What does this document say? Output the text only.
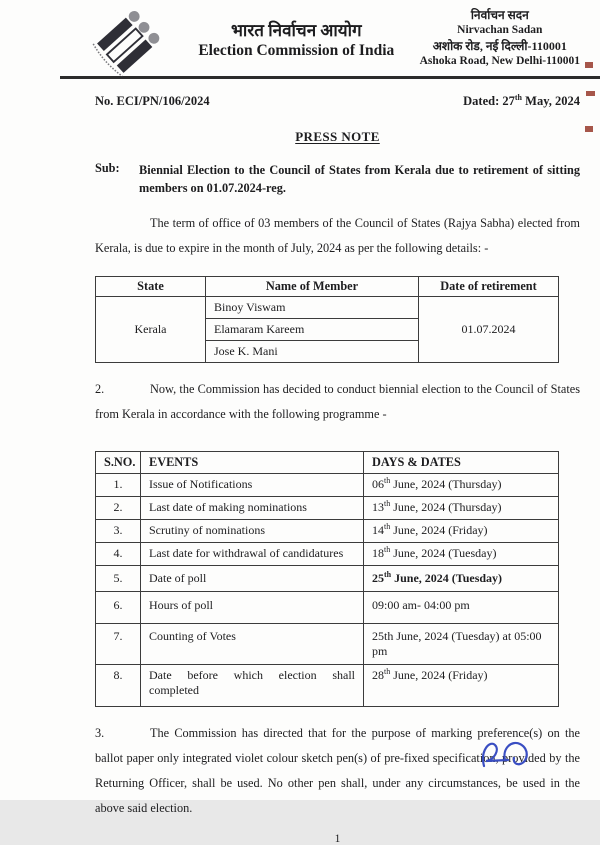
भारत निर्वाचन आयोग
Election Commission of India
निर्वाचन सदन
Nirvachan Sadan
अशोक रोड, नई दिल्ली-110001
Ashoka Road, New Delhi-110001
No. ECI/PN/106/2024	Dated: 27th May, 2024
PRESS NOTE
Sub:	Biennial Election to the Council of States from Kerala due to retirement of sitting members on 01.07.2024-reg.

The term of office of 03 members of the Council of States (Rajya Sabha) elected from Kerala, is due to expire in the month of July, 2024 as per the following details: -

State	Name of Member	Date of retirement
Kerala	Binoy Viswam	01.07.2024
	Elamaram Kareem	
	Jose K. Mani	

2.	Now, the Commission has decided to conduct biennial election to the Council of States from Kerala in accordance with the following programme -

S.NO.	EVENTS	DAYS & DATES
1.	Issue of Notifications	06th June, 2024 (Thursday)
2.	Last date of making nominations	13th June, 2024 (Thursday)
3.	Scrutiny of nominations	14th June, 2024 (Friday)
4.	Last date for withdrawal of candidatures	18th June, 2024 (Tuesday)
5.	Date of poll	25th June, 2024 (Tuesday)
6.	Hours of poll	09:00 am- 04:00 pm
7.	Counting of Votes	25th June, 2024 (Tuesday) at 05:00 pm
8.	Date before which election shall completed	28th June, 2024 (Friday)

3.	The Commission has directed that for the purpose of marking preference(s) on the ballot paper only integrated violet colour sketch pen(s) of pre-fixed specification, provided by the Returning Officer, shall be used. No other pen shall, under any circumstances, be used in the above said election.

1
